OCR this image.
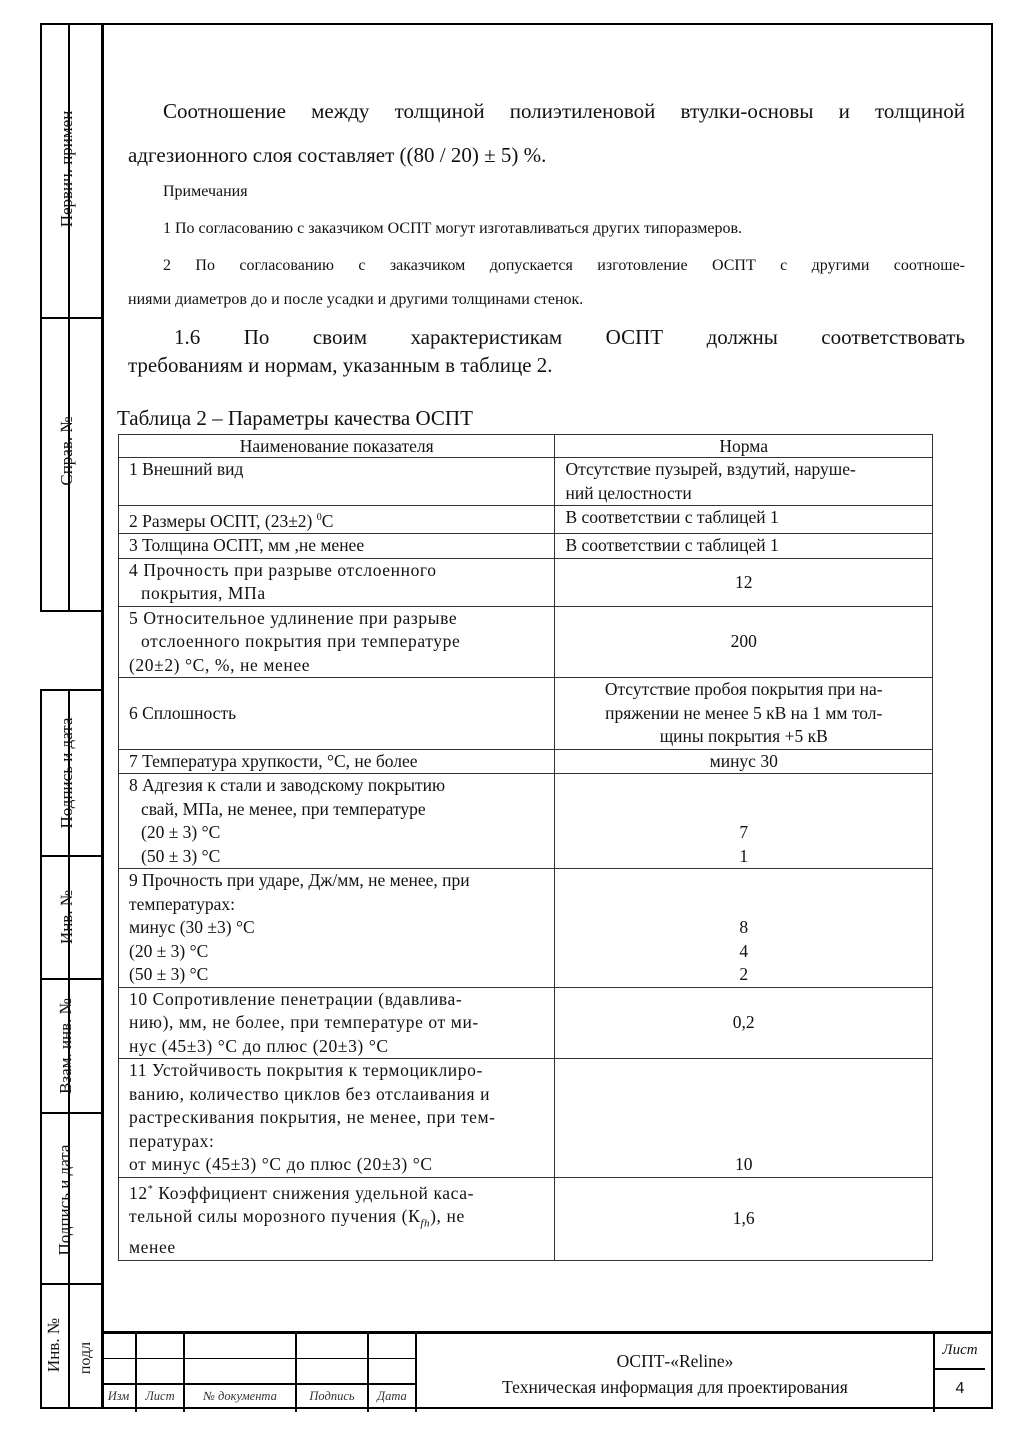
Первич. примен
Справ. №
Подпись и дата
Инв. №
Взам. инв. №
Подпись и дата
Инв. № подл
Соотношение между толщиной полиэтиленовой втулки-основы и толщиной
адгезионного слоя составляет ((80 / 20) ± 5) %.
Примечания
1 По согласованию с заказчиком ОСПТ могут изготавливаться других типоразмеров.
2 По согласованию с заказчиком допускается изготовление ОСПТ с другими соотноше-
ниями диаметров до и после усадки и другими толщинами стенок.
1.6 По своим характеристикам ОСПТ должны соответствовать
требованиям и нормам, указанным в таблице 2.
Таблица 2 – Параметры качества ОСПТ
Наименование показателя	Норма
1 Внешний вид	Отсутствие пузырей, вздутий, наруше-
ний целостности
2 Размеры ОСПТ, (23±2) $^0$С	В соответствии с таблицей 1
3 Толщина ОСПТ, мм ,не менее	В соответствии с таблицей 1
4 Прочность при разрыве отслоенного
покрытия, МПа	12
5 Относительное удлинение при разрыве
отслоенного покрытия при температуре
(20±2) °С, %, не менее	200
6 Сплошность	Отсутствие пробоя покрытия при на-
пряжении не менее 5 кВ на 1 мм тол-
щины покрытия +5 кВ
7 Температура хрупкости, °С, не более	минус 30
8 Адгезия к стали и заводскому покрытию
свай, МПа, не менее, при температуре
(20 ± 3) °С
(50 ± 3) °С	7
1
9 Прочность при ударе, Дж/мм, не менее, при
температурах:
минус (30 ±3) °С
(20 ± 3) °С
(50 ± 3) °С	8
4
2
10 Сопротивление пенетрации (вдавлива-
нию), мм, не более, при температуре от ми-
нус (45±3) °С до плюс (20±3) °С	0,2
11 Устойчивость покрытия к термоциклиро-
ванию, количество циклов без отслаивания и
растрескивания покрытия, не менее, при тем-
пературах:
от минус (45±3) °С до плюс (20±3) °С	10
12* Коэффициент снижения удельной каса-
тельной силы морозного пучения $(К_{fh})$, не
менее	1,6
Изм	Лист	№ документа	Подпись	Дата
ОСПТ-«Reline»
Техническая информация для проектирования
Лист
4
